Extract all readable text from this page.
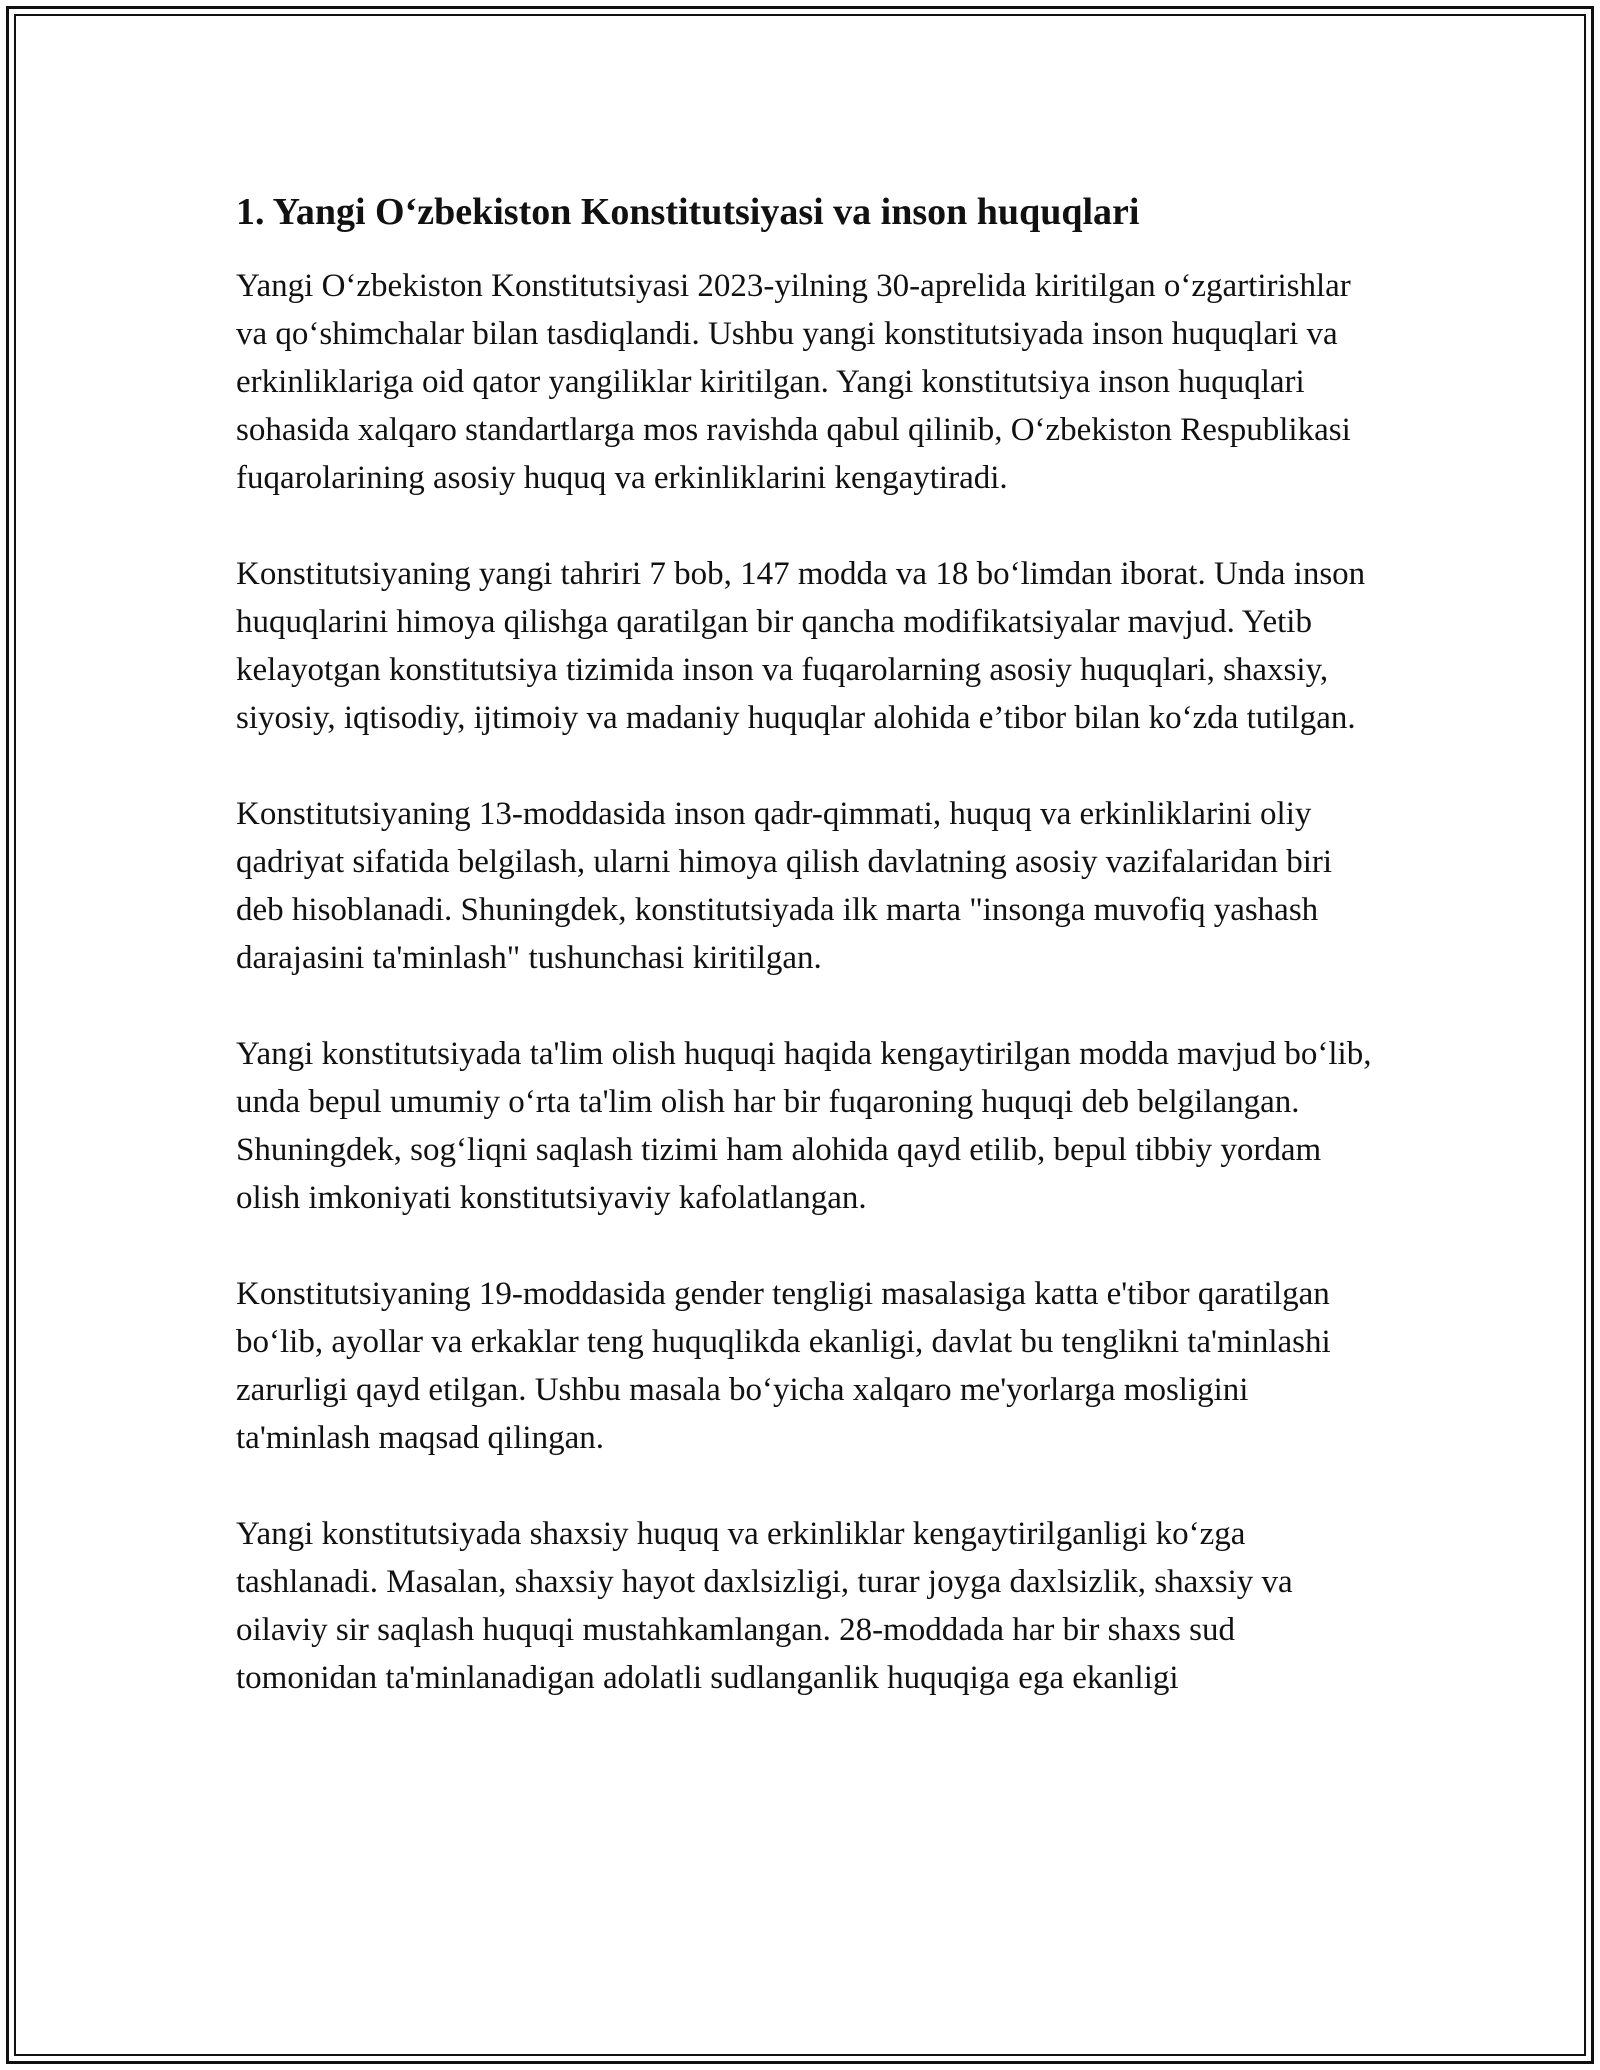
1. Yangi O‘zbekiston Konstitutsiyasi va inson huquqlari

Yangi O‘zbekiston Konstitutsiyasi 2023-yilning 30-aprelida kiritilgan o‘zgartirishlar va qo‘shimchalar bilan tasdiqlandi. Ushbu yangi konstitutsiyada inson huquqlari va erkinliklariga oid qator yangiliklar kiritilgan. Yangi konstitutsiya inson huquqlari sohasida xalqaro standartlarga mos ravishda qabul qilinib, O‘zbekiston Respublikasi fuqarolarining asosiy huquq va erkinliklarini kengaytiradi.

Konstitutsiyaning yangi tahriri 7 bob, 147 modda va 18 bo‘limdan iborat. Unda inson huquqlarini himoya qilishga qaratilgan bir qancha modifikatsiyalar mavjud. Yetib kelayotgan konstitutsiya tizimida inson va fuqarolarning asosiy huquqlari, shaxsiy, siyosiy, iqtisodiy, ijtimoiy va madaniy huquqlar alohida e’tibor bilan ko‘zda tutilgan.

Konstitutsiyaning 13-moddasida inson qadr-qimmati, huquq va erkinliklarini oliy qadriyat sifatida belgilash, ularni himoya qilish davlatning asosiy vazifalaridan biri deb hisoblanadi. Shuningdek, konstitutsiyada ilk marta "insonga muvofiq yashash darajasini ta'minlash" tushunchasi kiritilgan.

Yangi konstitutsiyada ta'lim olish huquqi haqida kengaytirilgan modda mavjud bo‘lib, unda bepul umumiy o‘rta ta'lim olish har bir fuqaroning huquqi deb belgilangan. Shuningdek, sog‘liqni saqlash tizimi ham alohida qayd etilib, bepul tibbiy yordam olish imkoniyati konstitutsiyaviy kafolatlangan.

Konstitutsiyaning 19-moddasida gender tengligi masalasiga katta e'tibor qaratilgan bo‘lib, ayollar va erkaklar teng huquqlikda ekanligi, davlat bu tenglikni ta'minlashi zarurligi qayd etilgan. Ushbu masala bo‘yicha xalqaro me'yorlarga mosligini ta'minlash maqsad qilingan.

Yangi konstitutsiyada shaxsiy huquq va erkinliklar kengaytirilganligi ko‘zga tashlanadi. Masalan, shaxsiy hayot daxlsizligi, turar joyga daxlsizlik, shaxsiy va oilaviy sir saqlash huquqi mustahkamlangan. 28-moddada har bir shaxs sud tomonidan ta'minlanadigan adolatli sudlanganlik huquqiga ega ekanligi
